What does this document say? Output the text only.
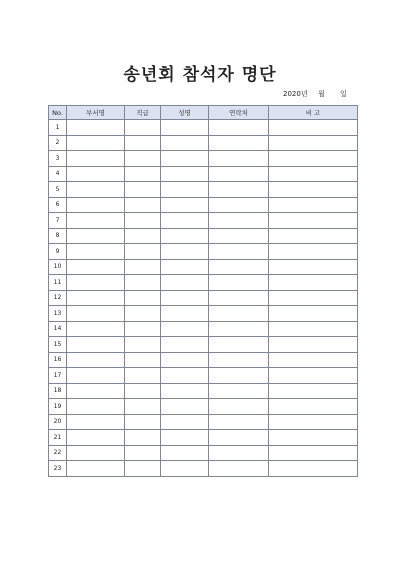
송년회 참석자 명단
2020년 월 일
No.	부서명	직급	성명	연락처	비 고
1					
2					
3					
4					
5					
6					
7					
8					
9					
10					
11					
12					
13					
14					
15					
16					
17					
18					
19					
20					
21					
22					
23					
